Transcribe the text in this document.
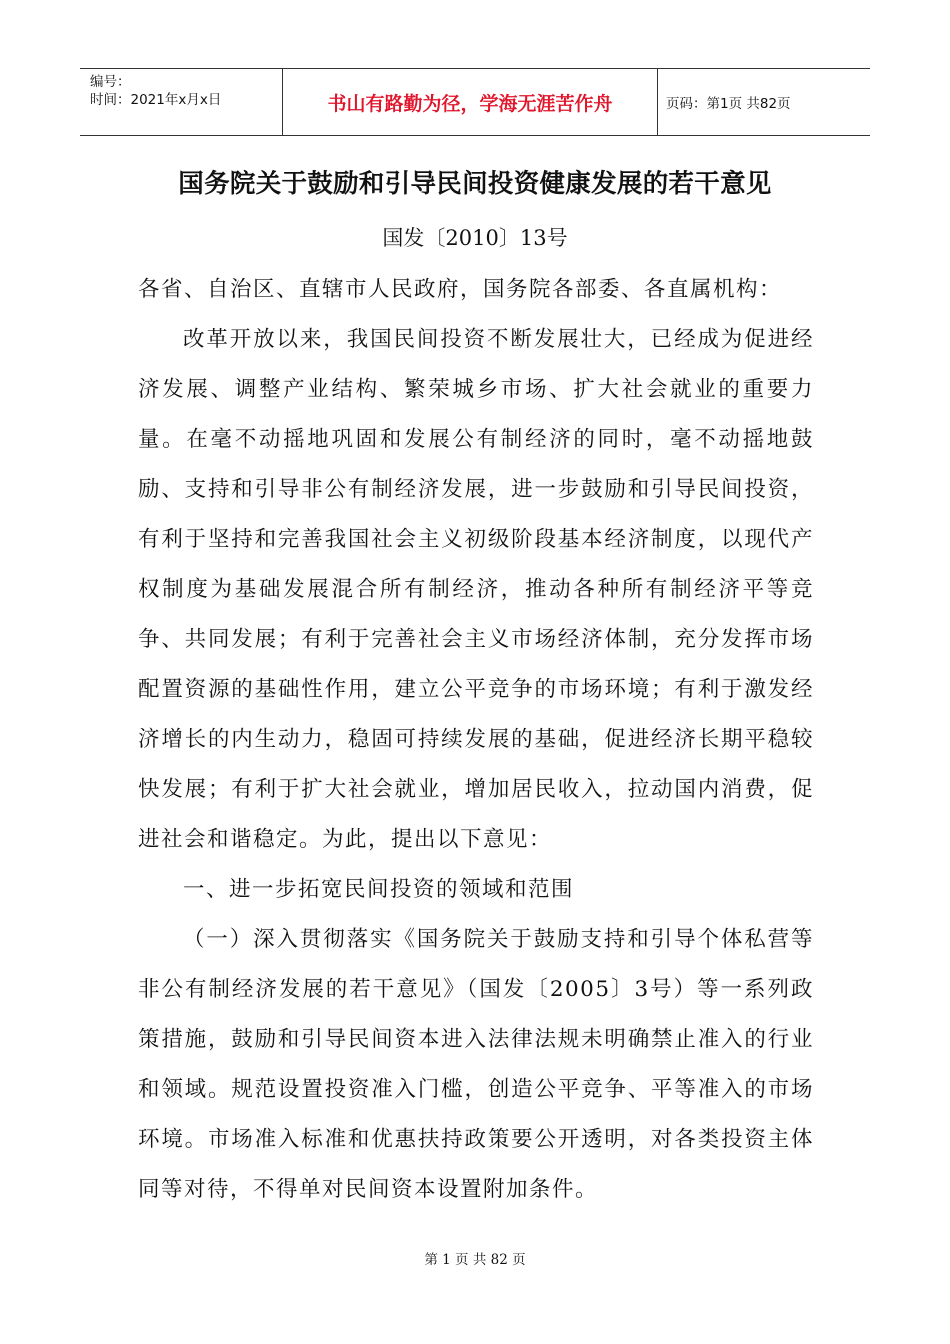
编号：
时间：2021年x月x日	书山有路勤为径，学海无涯苦作舟	页码：第1页 共82页
国务院关于鼓励和引导民间投资健康发展的若干意见
国发〔2010〕13号

各省、自治区、直辖市人民政府，国务院各部委、各直属机构：

改革开放以来，我国民间投资不断发展壮大，已经成为促进经济发展、调整产业结构、繁荣城乡市场、扩大社会就业的重要力量。在毫不动摇地巩固和发展公有制经济的同时，毫不动摇地鼓励、支持和引导非公有制经济发展，进一步鼓励和引导民间投资，有利于坚持和完善我国社会主义初级阶段基本经济制度，以现代产权制度为基础发展混合所有制经济，推动各种所有制经济平等竞争、共同发展；有利于完善社会主义市场经济体制，充分发挥市场配置资源的基础性作用，建立公平竞争的市场环境；有利于激发经济增长的内生动力，稳固可持续发展的基础，促进经济长期平稳较快发展；有利于扩大社会就业，增加居民收入，拉动国内消费，促进社会和谐稳定。为此，提出以下意见：

一、进一步拓宽民间投资的领域和范围

（一）深入贯彻落实《国务院关于鼓励支持和引导个体私营等非公有制经济发展的若干意见》（国发〔2005〕3号）等一系列政策措施，鼓励和引导民间资本进入法律法规未明确禁止准入的行业和领域。规范设置投资准入门槛，创造公平竞争、平等准入的市场环境。市场准入标准和优惠扶持政策要公开透明，对各类投资主体同等对待，不得单对民间资本设置附加条件。

第 1 页 共 82 页
